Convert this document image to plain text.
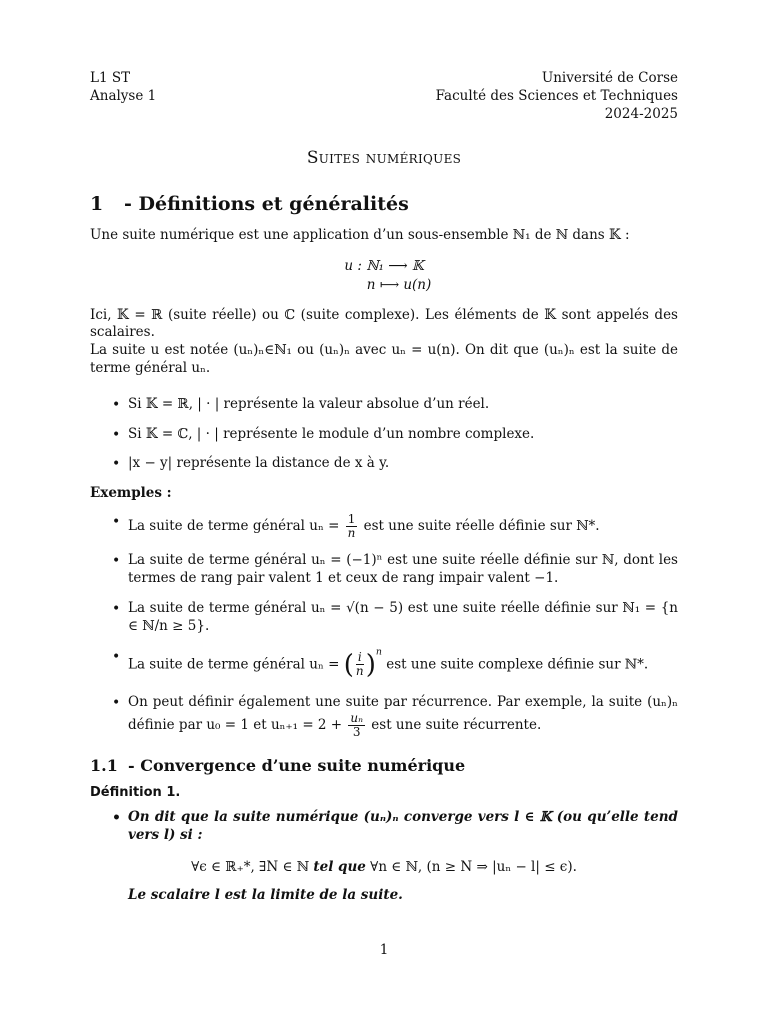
L1 ST
Analyse 1
Université de Corse
Faculté des Sciences et Techniques
2024-2025
Suites numériques
1 - Définitions et généralités

Une suite numérique est une application d’un sous-ensemble ℕ₁ de ℕ dans 𝕂 :

u : ℕ₁ ⟶ 𝕂
n ⟼ u(n)

Ici, 𝕂 = ℝ (suite réelle) ou ℂ (suite complexe). Les éléments de 𝕂 sont appelés des scalaires.

La suite u est notée (uₙ)ₙ∈ℕ₁ ou (uₙ)ₙ avec uₙ = u(n). On dit que (uₙ)ₙ est la suite de terme général uₙ.

• Si 𝕂 = ℝ, | · | représente la valeur absolue d’un réel.
• Si 𝕂 = ℂ, | · | représente le module d’un nombre complexe.
• |x − y| représente la distance de x à y.
Exemples :
• La suite de terme général $u_n = \frac{1}{n}$ est une suite réelle définie sur ℕ*.
• La suite de terme général uₙ = (−1)ⁿ est une suite réelle définie sur ℕ, dont les termes de rang pair valent 1 et ceux de rang impair valent −1.
• La suite de terme général uₙ = √(n − 5) est une suite réelle définie sur ℕ₁ = {n ∈ ℕ/n ≥ 5}.
• La suite de terme général uₙ = ( $\frac{i}{n} )^n$ est une suite complexe définie sur ℕ*.
• On peut définir également une suite par récurrence. Par exemple, la suite (uₙ)ₙ définie par u₀ = 1 et $u_{n+1} = 2 + \frac{\text{uₙ}}{3}$ est une suite récurrente.
1.1 - Convergence d’une suite numérique
Définition 1.
• On dit que la suite numérique (uₙ)ₙ converge vers l ∈ 𝕂 (ou qu’elle tend vers l) si :
∀ϵ ∈ ℝ₊*, ∃N ∈ ℕ tel que ∀n ∈ ℕ, (n ≥ N ⇒ |uₙ − l| ≤ ϵ).
Le scalaire l est la limite de la suite.
1
